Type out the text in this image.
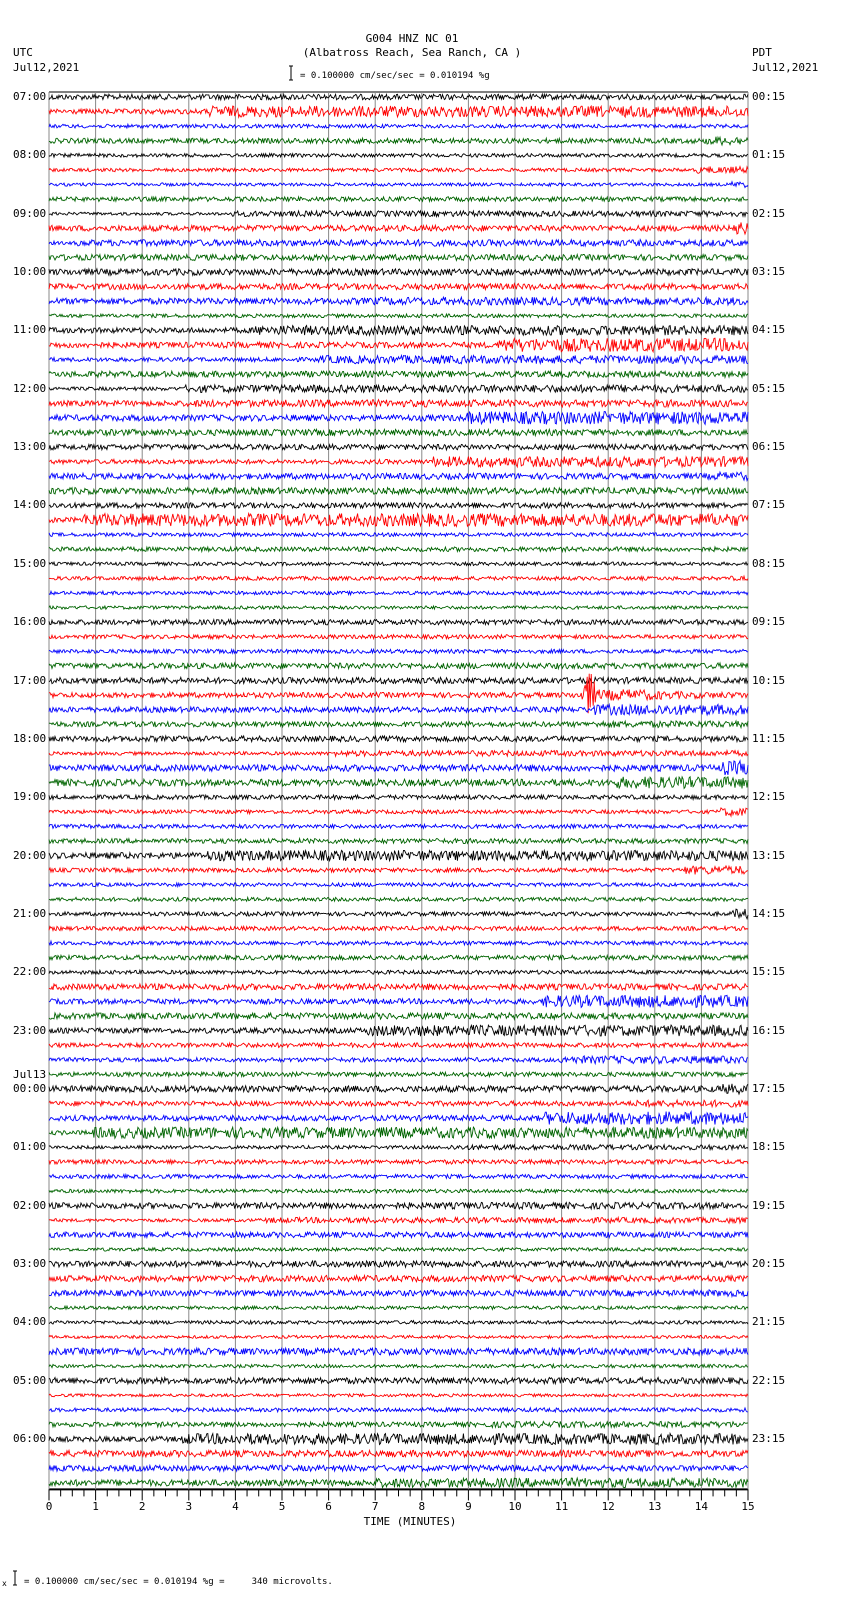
G004 HNZ NC 01
(Albatross Reach, Sea Ranch, CA )
UTC
Jul12,2021
PDT
Jul12,2021
= 0.100000 cm/sec/sec = 0.010194 %g
TIME (MINUTES)
x = 0.100000 cm/sec/sec = 0.010194 %g =     340 microvolts.
0	1	2	3	4	5	6	7	8	9	10	11	12	13	14	15
07:00	00:15
08:00	01:15
09:00	02:15
10:00	03:15
11:00	04:15
12:00	05:15
13:00	06:15
14:00	07:15
15:00	08:15
16:00	09:15
17:00	10:15
18:00	11:15
19:00	12:15
20:00	13:15
21:00	14:15
22:00	15:15
23:00	16:15
Jul13
00:00	17:15
01:00	18:15
02:00	19:15
03:00	20:15
04:00	21:15
05:00	22:15
06:00	23:15
